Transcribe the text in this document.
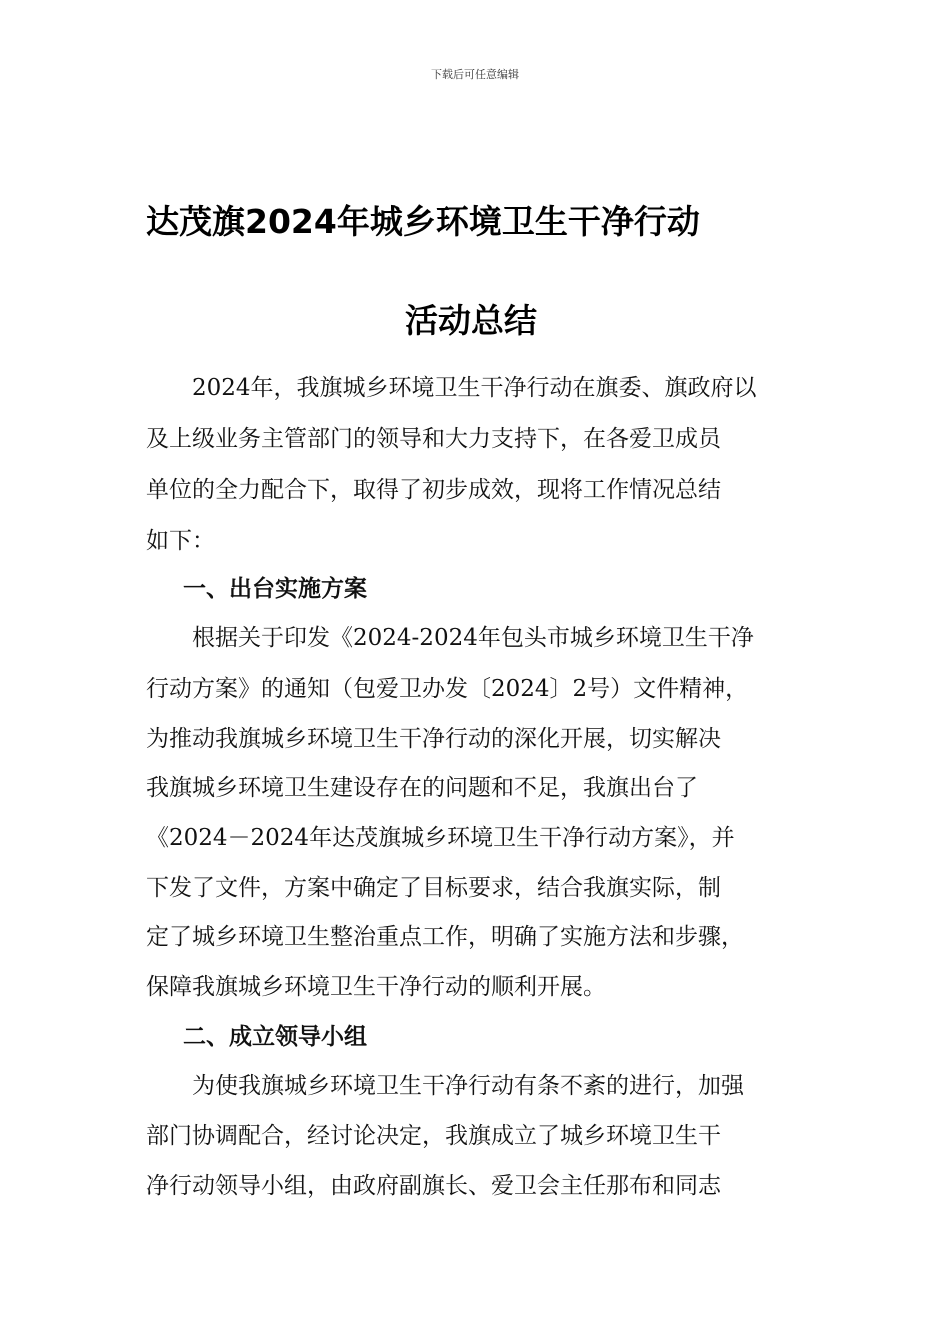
下载后可任意编辑
达茂旗2024年城乡环境卫生干净行动
活动总结
　　2024年，我旗城乡环境卫生干净行动在旗委、旗政府以
及上级业务主管部门的领导和大力支持下，在各爱卫成员
单位的全力配合下，取得了初步成效，现将工作情况总结
如下：
一、出台实施方案
　　根据关于印发《2024-2024年包头市城乡环境卫生干净
行动方案》的通知（包爱卫办发〔2024〕2号）文件精神，
为推动我旗城乡环境卫生干净行动的深化开展，切实解决
我旗城乡环境卫生建设存在的问题和不足，我旗出台了
《2024－2024年达茂旗城乡环境卫生干净行动方案》，并
下发了文件，方案中确定了目标要求，结合我旗实际，制
定了城乡环境卫生整治重点工作，明确了实施方法和步骤，
保障我旗城乡环境卫生干净行动的顺利开展。
二、成立领导小组
　　为使我旗城乡环境卫生干净行动有条不紊的进行，加强
部门协调配合，经讨论决定，我旗成立了城乡环境卫生干
净行动领导小组，由政府副旗长、爱卫会主任那布和同志
